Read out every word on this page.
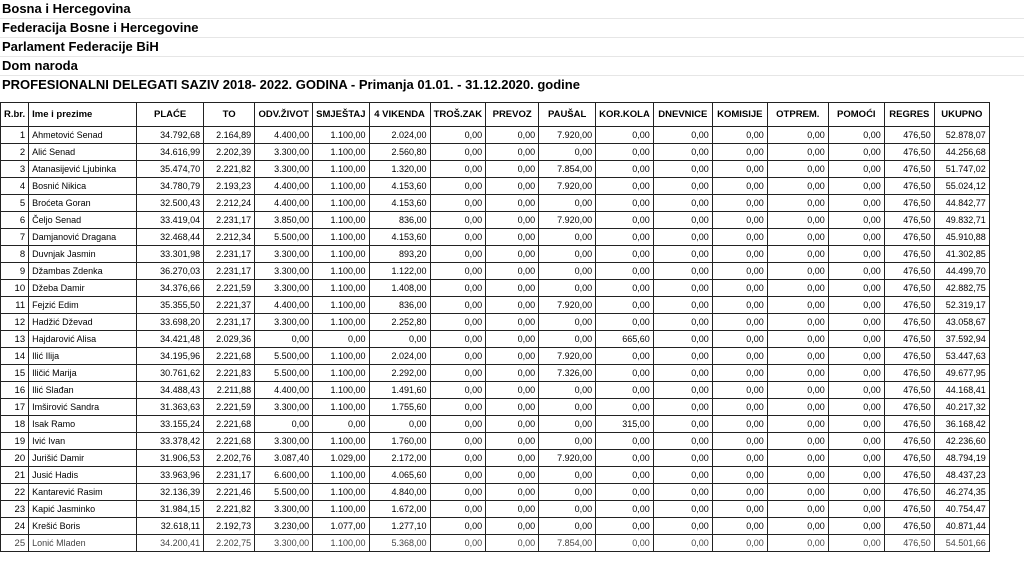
Bosna i Hercegovina
Federacija Bosne i Hercegovine
Parlament Federacije BiH
Dom naroda
PROFESIONALNI DELEGATI SAZIV 2018- 2022. GODINA - Primanja 01.01. - 31.12.2020. godine
R.br.	Ime i prezime	PLAĆE	TO	ODV.ŽIVOT	SMJEŠTAJ	4 VIKENDA	TROŠ.ZAK	PREVOZ	PAUŠAL	KOR.KOLA	DNEVNICE	KOMISIJE	OTPREM.	POMOĆI	REGRES	UKUPNO
1	Ahmetović Senad	34.792,68	2.164,89	4.400,00	1.100,00	2.024,00	0,00	0,00	7.920,00	0,00	0,00	0,00	0,00	0,00	476,50	52.878,07
2	Alić Senad	34.616,99	2.202,39	3.300,00	1.100,00	2.560,80	0,00	0,00	0,00	0,00	0,00	0,00	0,00	0,00	476,50	44.256,68
3	Atanasijević Ljubinka	35.474,70	2.221,82	3.300,00	1.100,00	1.320,00	0,00	0,00	7.854,00	0,00	0,00	0,00	0,00	0,00	476,50	51.747,02
4	Bosnić Nikica	34.780,79	2.193,23	4.400,00	1.100,00	4.153,60	0,00	0,00	7.920,00	0,00	0,00	0,00	0,00	0,00	476,50	55.024,12
5	Broćeta Goran	32.500,43	2.212,24	4.400,00	1.100,00	4.153,60	0,00	0,00	0,00	0,00	0,00	0,00	0,00	0,00	476,50	44.842,77
6	Čeljo Senad	33.419,04	2.231,17	3.850,00	1.100,00	836,00	0,00	0,00	7.920,00	0,00	0,00	0,00	0,00	0,00	476,50	49.832,71
7	Damjanović Dragana	32.468,44	2.212,34	5.500,00	1.100,00	4.153,60	0,00	0,00	0,00	0,00	0,00	0,00	0,00	0,00	476,50	45.910,88
8	Duvnjak Jasmin	33.301,98	2.231,17	3.300,00	1.100,00	893,20	0,00	0,00	0,00	0,00	0,00	0,00	0,00	0,00	476,50	41.302,85
9	Džambas Zdenka	36.270,03	2.231,17	3.300,00	1.100,00	1.122,00	0,00	0,00	0,00	0,00	0,00	0,00	0,00	0,00	476,50	44.499,70
10	Džeba Damir	34.376,66	2.221,59	3.300,00	1.100,00	1.408,00	0,00	0,00	0,00	0,00	0,00	0,00	0,00	0,00	476,50	42.882,75
11	Fejzić Edim	35.355,50	2.221,37	4.400,00	1.100,00	836,00	0,00	0,00	7.920,00	0,00	0,00	0,00	0,00	0,00	476,50	52.319,17
12	Hadžić Dževad	33.698,20	2.231,17	3.300,00	1.100,00	2.252,80	0,00	0,00	0,00	0,00	0,00	0,00	0,00	0,00	476,50	43.058,67
13	Hajdarović Alisa	34.421,48	2.029,36	0,00	0,00	0,00	0,00	0,00	0,00	665,60	0,00	0,00	0,00	0,00	476,50	37.592,94
14	Ilić Ilija	34.195,96	2.221,68	5.500,00	1.100,00	2.024,00	0,00	0,00	7.920,00	0,00	0,00	0,00	0,00	0,00	476,50	53.447,63
15	Iličić Marija	30.761,62	2.221,83	5.500,00	1.100,00	2.292,00	0,00	0,00	7.326,00	0,00	0,00	0,00	0,00	0,00	476,50	49.677,95
16	Ilić Slađan	34.488,43	2.211,88	4.400,00	1.100,00	1.491,60	0,00	0,00	0,00	0,00	0,00	0,00	0,00	0,00	476,50	44.168,41
17	Imširović Sandra	31.363,63	2.221,59	3.300,00	1.100,00	1.755,60	0,00	0,00	0,00	0,00	0,00	0,00	0,00	0,00	476,50	40.217,32
18	Isak Ramo	33.155,24	2.221,68	0,00	0,00	0,00	0,00	0,00	0,00	315,00	0,00	0,00	0,00	0,00	476,50	36.168,42
19	Ivić Ivan	33.378,42	2.221,68	3.300,00	1.100,00	1.760,00	0,00	0,00	0,00	0,00	0,00	0,00	0,00	0,00	476,50	42.236,60
20	Jurišić Damir	31.906,53	2.202,76	3.087,40	1.029,00	2.172,00	0,00	0,00	7.920,00	0,00	0,00	0,00	0,00	0,00	476,50	48.794,19
21	Jusić Hadis	33.963,96	2.231,17	6.600,00	1.100,00	4.065,60	0,00	0,00	0,00	0,00	0,00	0,00	0,00	0,00	476,50	48.437,23
22	Kantarević Rasim	32.136,39	2.221,46	5.500,00	1.100,00	4.840,00	0,00	0,00	0,00	0,00	0,00	0,00	0,00	0,00	476,50	46.274,35
23	Kapić Jasminko	31.984,15	2.221,82	3.300,00	1.100,00	1.672,00	0,00	0,00	0,00	0,00	0,00	0,00	0,00	0,00	476,50	40.754,47
24	Krešić Boris	32.618,11	2.192,73	3.230,00	1.077,00	1.277,10	0,00	0,00	0,00	0,00	0,00	0,00	0,00	0,00	476,50	40.871,44
25	Lonić Mladen	34.200,41	2.202,75	3.300,00	1.100,00	5.368,00	0,00	0,00	7.854,00	0,00	0,00	0,00	0,00	0,00	476,50	54.501,66
